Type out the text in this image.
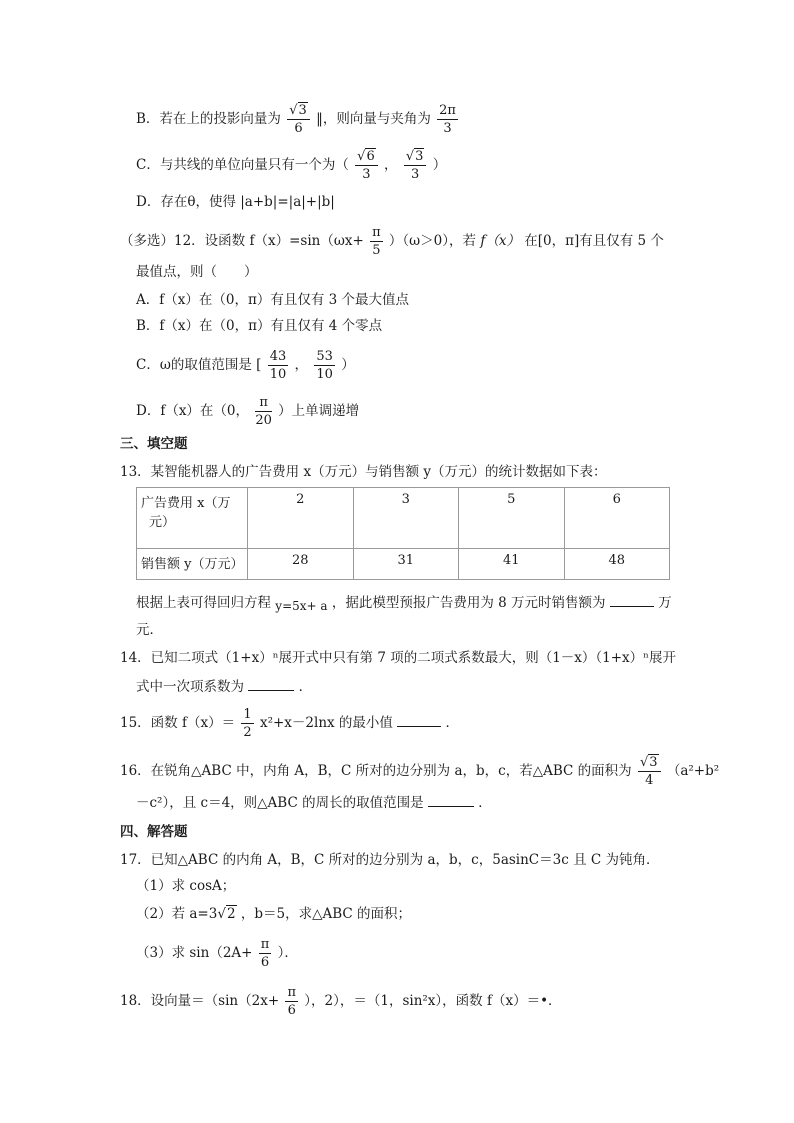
B．若在上的投影向量为 $\frac{√3}{6}$ ‖，则向量与夹角为 $\frac{2\pi}{3}$
C．与共线的单位向量只有一个为（ $\frac{√6}{3}$ ， $\frac{√3}{3}$ ）
D．存在θ，使得 |a+b|=|a|+|b|
（多选）12．设函数 $f(x)=\sin(\omega x+ \frac{\pi}{5} )(\omega>0)$，若 f（x） 在[0，π]有且仅有 5 个
最值点，则（　　）
A．f（x）在（0，π）有且仅有 3 个最大值点
B．f（x）在（0，π）有且仅有 4 个零点
C．ω的取值范围是 [ $\frac{43}{10}$ ， $\frac{53}{10}$ ）
D．f（x）在（0， $\frac{\pi}{20}$ ）上单调递增
三、填空题
13．某智能机器人的广告费用 x（万元）与销售额 y（万元）的统计数据如下表：
广告费用 x（万
元）	2	3	5	6
销售额 y（万元）	28	31	41	48
根据上表可得回归方程 y=5x+ a ，据此模型预报广告费用为 8 万元时销售额为	万
元．
14．已知二项式（1+x）ⁿ展开式中只有第 7 项的二项式系数最大，则（1－x）（1+x）ⁿ展开
式中一次项系数为	．
15．函数 $f(x)= \frac{1}{2} x^2+x-2\ln x$ 的最小值	．
16．在锐角△ABC 中，内角 A，B，C 所对的边分别为 a，b，c，若△ABC 的面积为 $\frac{√3}{4} (a^2+b^2$
－c²），且 c＝4，则△ABC 的周长的取值范围是	．
四、解答题
17．已知△ABC 的内角 A，B，C 所对的边分别为 a，b，c，5asinC＝3c 且 C 为钝角．
（1）求 cosA；
（2）若 a=3√2 ，b＝5，求△ABC 的面积；
（3）求 $\sin(2A+ \frac{\pi}{6}$ ）．
18．设向量$=(\sin(2x+ \frac{\pi}{6}$ ），2），＝（1，sin²x），函数 f（x）＝•．
